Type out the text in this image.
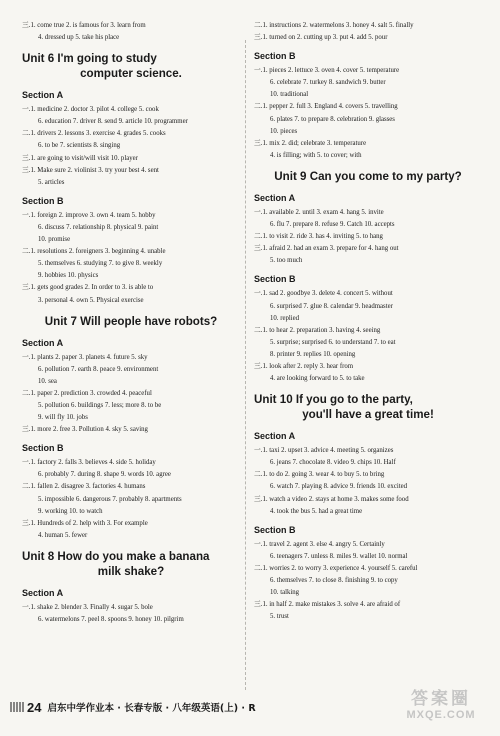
三.1. come true 2. is famous for 3. learn from
4. dressed up 5. take his place
Unit 6 I'm going to study
computer science.
Section A
一.1. medicine 2. doctor 3. pilot 4. college 5. cook
6. education 7. driver 8. send 9. article 10. programmer
二.1. drivers 2. lessons 3. exercise 4. grades 5. cooks
6. to be 7. scientists 8. singing
三.1. are going to visit/will visit 10. player
三.1. Make sure 2. violinist 3. try your best 4. sent
5. articles
Section B
一.1. foreign 2. improve 3. own 4. team 5. hobby
6. discuss 7. relationship 8. physical 9. paint
10. promise
二.1. resolutions 2. foreigners 3. beginning 4. unable
5. themselves 6. studying 7. to give 8. weekly
9. hobbies 10. physics
三.1. gets good grades 2. In order to 3. is able to
3. personal 4. own 5. Physical exercise
Unit 7 Will people have robots?
Section A
一.1. plants 2. paper 3. planets 4. future 5. sky
6. pollution 7. earth 8. peace 9. environment
10. sea
二.1. paper 2. prediction 3. crowded 4. peaceful
5. pollution 6. buildings 7. less; more 8. to be
9. will fly 10. jobs
三.1. more 2. free 3. Pollution 4. sky 5. saving
Section B
一.1. factory 2. falls 3. believes 4. side 5. holiday
6. probably 7. during 8. shape 9. words 10. agree
二.1. fallen 2. disagree 3. factories 4. humans
5. impossible 6. dangerous 7. probably 8. apartments
9. working 10. to watch
三.1. Hundreds of 2. help with 3. For example
4. human 5. fewer
Unit 8 How do you make a banana
milk shake?
Section A
一.1. shake 2. blender 3. Finally 4. sugar 5. bole
6. watermelons 7. peel 8. spoons 9. honey 10. pilgrim
二.1. instructions 2. watermelons 3. honey 4. salt 5. finally
三.1. turned on 2. cutting up 3. put 4. add 5. pour
Section B
一.1. pieces 2. lettuce 3. oven 4. cover 5. temperature
6. celebrate 7. turkey 8. sandwich 9. butter
10. traditional
二.1. pepper 2. full 3. England 4. covers 5. travelling
6. plates 7. to prepare 8. celebration 9. glasses
10. pieces
三.1. mix 2. did; celebrate 3. temperature
4. is filling; with 5. to cover; with
Unit 9 Can you come to my party?
Section A
一.1. available 2. until 3. exam 4. hang 5. invite
6. flu 7. prepare 8. refuse 9. Catch 10. accepts
二.1. to visit 2. ride 3. has 4. inviting 5. to hang
三.1. afraid 2. had an exam 3. prepare for 4. hang out
5. too much
Section B
一.1. sad 2. goodbye 3. delete 4. concert 5. without
6. surprised 7. glue 8. calendar 9. headmaster
10. replied
二.1. to hear 2. preparation 3. having 4. seeing
5. surprise; surprised 6. to understand 7. to eat
8. printer 9. replies 10. opening
三.1. look after 2. reply 3. hear from
4. are looking forward to 5. to take
Unit 10 If you go to the party,
you'll have a great time!
Section A
一.1. taxi 2. upset 3. advice 4. meeting 5. organizes
6. jeans 7. chocolate 8. video 9. chips 10. Half
二.1. to do 2. going 3. wear 4. to buy 5. to bring
6. watch 7. playing 8. advice 9. friends 10. excited
三.1. watch a video 2. stays at home 3. makes some food
4. took the bus 5. had a great time
Section B
一.1. travel 2. agent 3. else 4. angry 5. Certainly
6. teenagers 7. unless 8. miles 9. wallet 10. normal
二.1. worries 2. to worry 3. experience 4. yourself 5. careful
6. themselves 7. to close 8. finishing 9. to copy
10. talking
三.1. in half 2. make mistakes 3. solve 4. are afraid of
5. trust
24 启东中学作业本 · 长春专版 · 八年级英语(上) · R	答案圈
MXQE.COM
